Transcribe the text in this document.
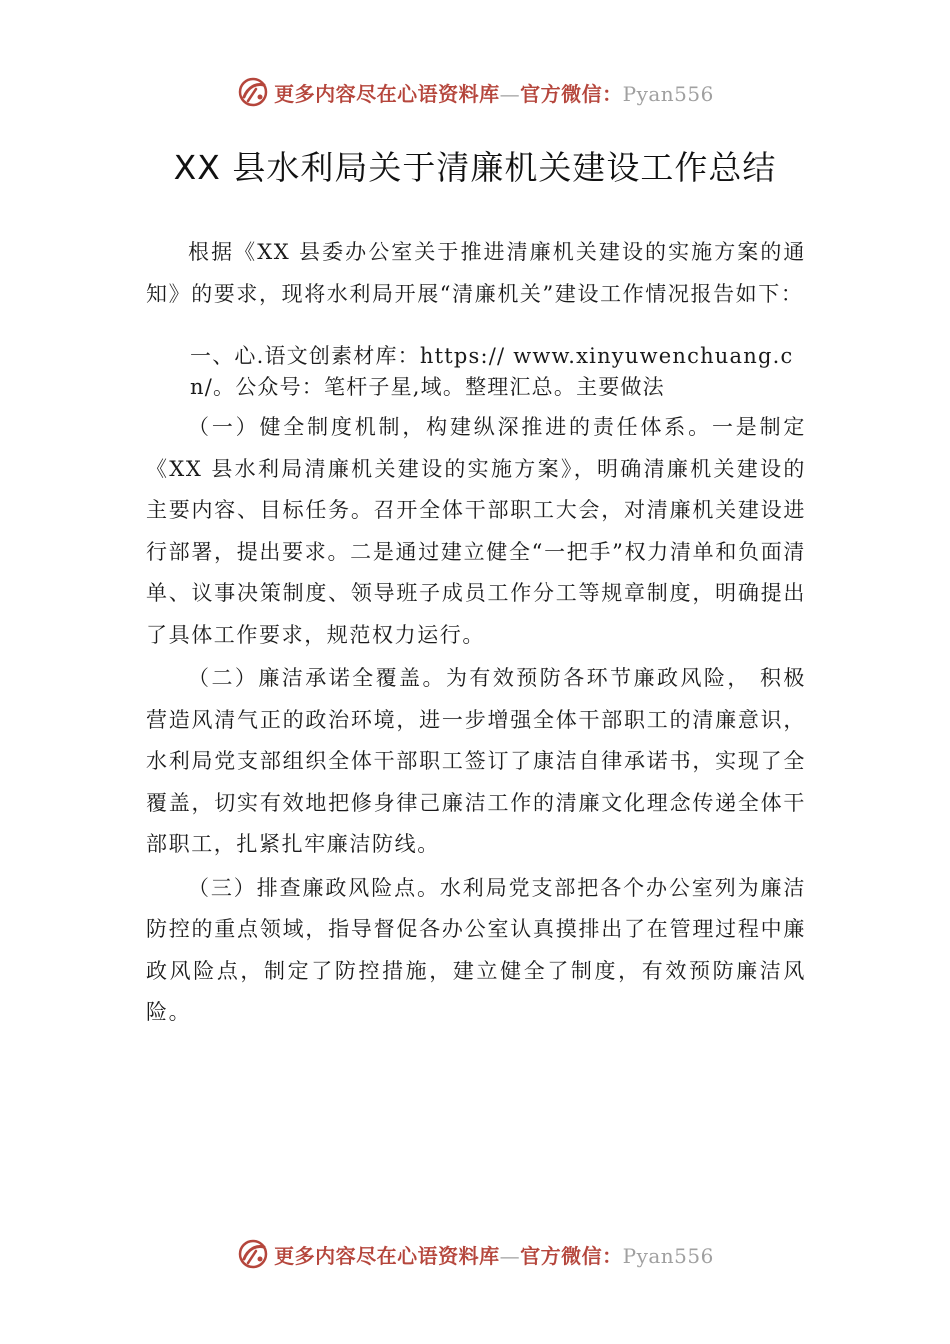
更多内容尽在心语资料库—官方微信：Pyan556
XX 县水利局关于清廉机关建设工作总结

根据《XX 县委办公室关于推进清廉机关建设的实施方案的通知》的要求，现将水利局开展“清廉机关”建设工作情况报告如下：

一、心.语文创素材库：https:// www.xinyuwenchuang.cn/。公众号：笔杆子星,域。整理汇总。主要做法

（一）健全制度机制，构建纵深推进的责任体系。一是制定《XX 县水利局清廉机关建设的实施方案》，明确清廉机关建设的主要内容、目标任务。召开全体干部职工大会，对清廉机关建设进行部署，提出要求。二是通过建立健全“一把手”权力清单和负面清单、议事决策制度、领导班子成员工作分工等规章制度，明确提出了具体工作要求，规范权力运行。

（二）廉洁承诺全覆盖。为有效预防各环节廉政风险， 积极营造风清气正的政治环境，进一步增强全体干部职工的清廉意识，水利局党支部组织全体干部职工签订了康洁自律承诺书，实现了全覆盖，切实有效地把修身律己廉洁工作的清廉文化理念传递全体干部职工，扎紧扎牢廉洁防线。

（三）排查廉政风险点。水利局党支部把各个办公室列为廉洁防控的重点领域，指导督促各办公室认真摸排出了在管理过程中廉政风险点，制定了防控措施，建立健全了制度，有效预防廉洁风险。

更多内容尽在心语资料库—官方微信：Pyan556
